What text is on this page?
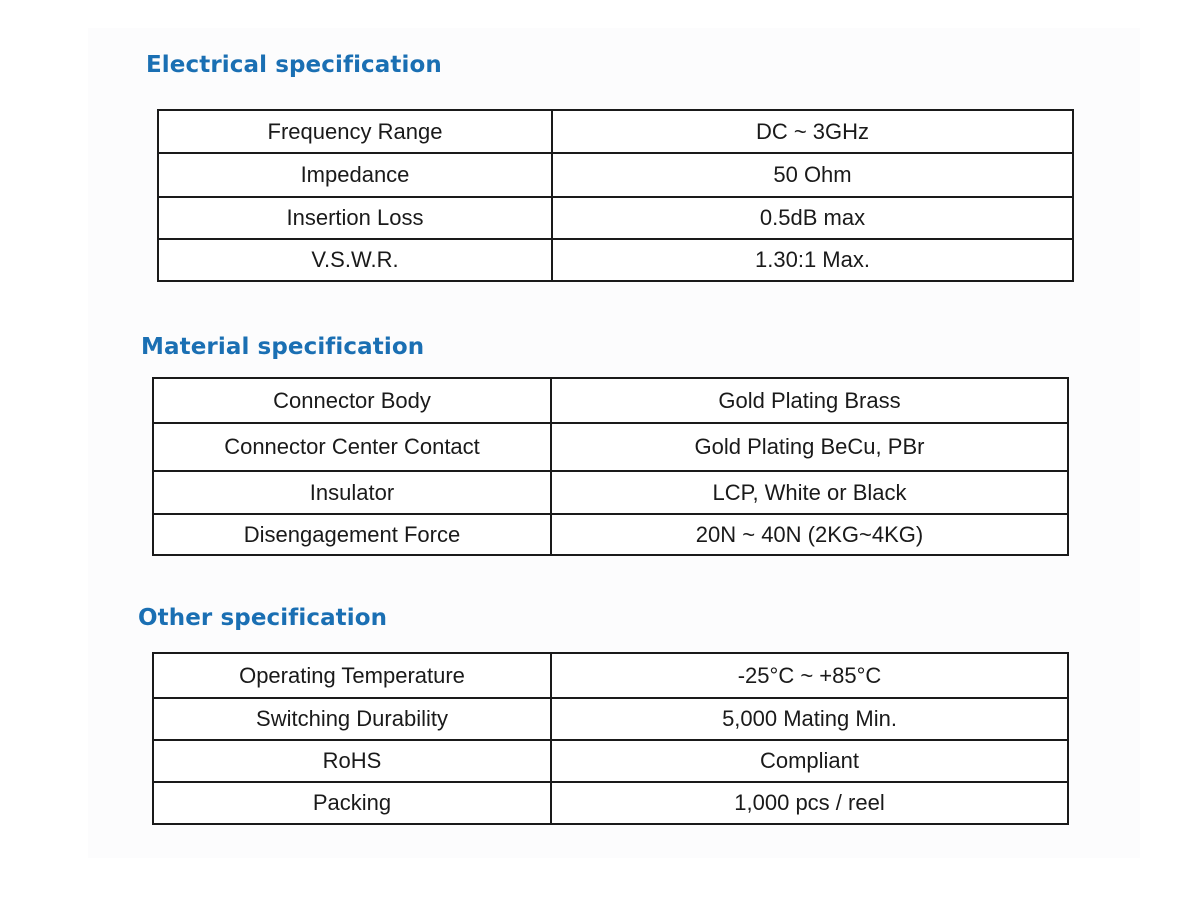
Electrical specification
Frequency Range	DC ~ 3GHz
Impedance	50 Ohm
Insertion Loss	0.5dB max
V.S.W.R.	1.30:1 Max.
Material specification
Connector Body	Gold Plating Brass
Connector Center Contact	Gold Plating BeCu, PBr
Insulator	LCP, White or Black
Disengagement Force	20N ~ 40N (2KG~4KG)
Other specification
Operating Temperature	-25°C ~ +85°C
Switching Durability	5,000 Mating Min.
RoHS	Compliant
Packing	1,000 pcs / reel
